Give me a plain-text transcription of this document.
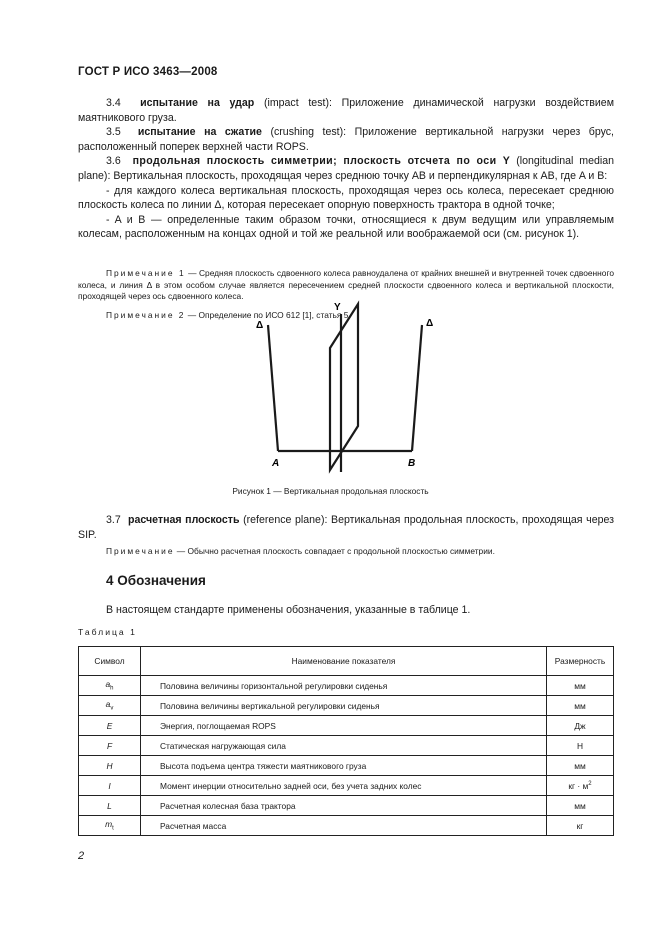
ГОСТ Р ИСО 3463—2008

3.4 испытание на удар (impact test): Приложение динамической нагрузки воздействием маятникового груза.

3.5 испытание на сжатие (crushing test): Приложение вертикальной нагрузки через брус, расположенный поперек верхней части ROPS.

3.6 продольная плоскость симметрии; плоскость отсчета по оси Y (longitudinal median plane): Вертикальная плоскость, проходящая через среднюю точку AB и перпендикулярная к AB, где A и B:

- для каждого колеса вертикальная плоскость, проходящая через ось колеса, пересекает среднюю плоскость колеса по линии Δ, которая пересекает опорную поверхность трактора в одной точке;

- A и B — определенные таким образом точки, относящиеся к двум ведущим или управляемым колесам, расположенным на концах одной и той же реальной или воображаемой оси (см. рисунок 1).

Примечание 1 — Средняя плоскость сдвоенного колеса равноудалена от крайних внешней и внутренней точек сдвоенного колеса, и линия Δ в этом особом случае является пересечением средней плоскости сдвоенного колеса и вертикальной плоскости, проходящей через ось сдвоенного колеса.
Примечание 2 — Определение по ИСО 612 [1], статья 5.
Δ	Δ
Y
A	B
Рисунок 1 — Вертикальная продольная плоскость

3.7 расчетная плоскость (reference plane): Вертикальная продольная плоскость, проходящая через SIP.

Примечание — Обычно расчетная плоскость совпадает с продольной плоскостью симметрии.
4 Обозначения

В настоящем стандарте применены обозначения, указанные в таблице 1.

Таблица 1
Символ	Наименование показателя	Размерность
$a_h$	Половина величины горизонтальной регулировки сиденья	мм
$a_v$	Половина величины вертикальной регулировки сиденья	мм
E	Энергия, поглощаемая ROPS	Дж
F	Статическая нагружающая сила	Н
H	Высота подъема центра тяжести маятникового груза	мм
I	Момент инерции относительно задней оси, без учета задних колес	кг · $м^2$
L	Расчетная колесная база трактора	мм
$m_t$	Расчетная масса	кг
2
